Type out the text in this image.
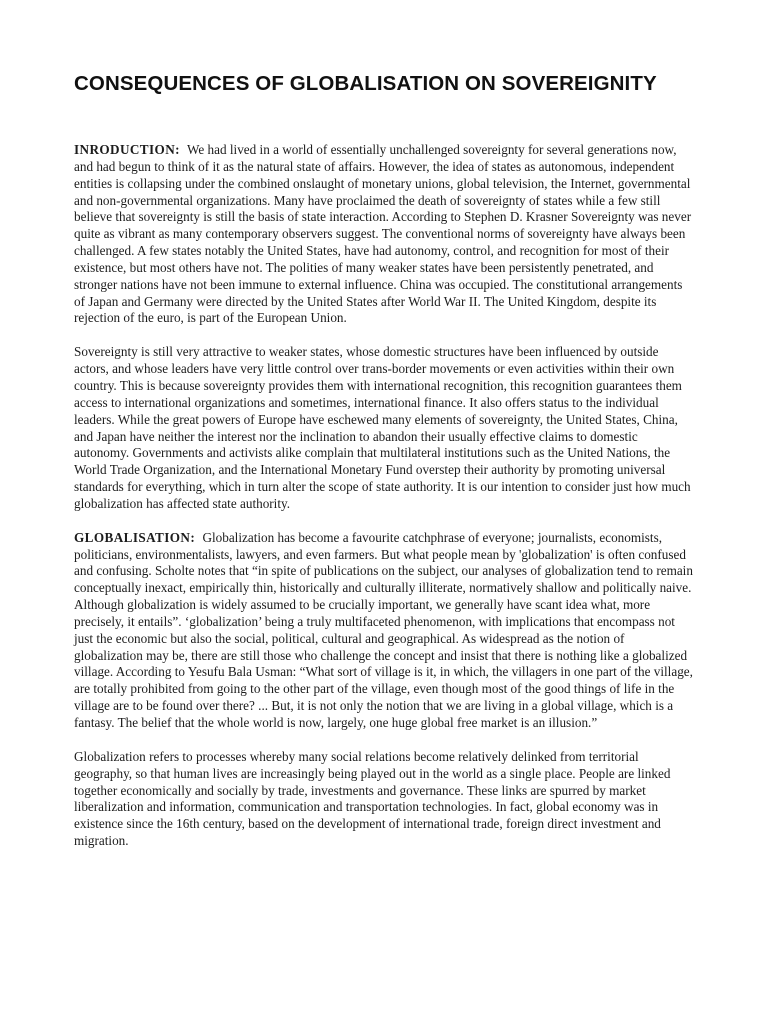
CONSEQUENCES OF GLOBALISATION ON SOVEREIGNITY

INRODUCTION: We had lived in a world of essentially unchallenged sovereignty for several generations now, and had begun to think of it as the natural state of affairs. However, the idea of states as autonomous, independent entities is collapsing under the combined onslaught of monetary unions, global television, the Internet, governmental and non-governmental organizations. Many have proclaimed the death of sovereignty of states while a few still believe that sovereignty is still the basis of state interaction. According to Stephen D. Krasner Sovereignty was never quite as vibrant as many contemporary observers suggest. The conventional norms of sovereignty have always been challenged. A few states notably the United States, have had autonomy, control, and recognition for most of their existence, but most others have not. The polities of many weaker states have been persistently penetrated, and stronger nations have not been immune to external influence. China was occupied. The constitutional arrangements of Japan and Germany were directed by the United States after World War II. The United Kingdom, despite its rejection of the euro, is part of the European Union.

Sovereignty is still very attractive to weaker states, whose domestic structures have been influenced by outside actors, and whose leaders have very little control over trans-border movements or even activities within their own country. This is because sovereignty provides them with international recognition, this recognition guarantees them access to international organizations and sometimes, international finance. It also offers status to the individual leaders. While the great powers of Europe have eschewed many elements of sovereignty, the United States, China, and Japan have neither the interest nor the inclination to abandon their usually effective claims to domestic autonomy. Governments and activists alike complain that multilateral institutions such as the United Nations, the World Trade Organization, and the International Monetary Fund overstep their authority by promoting universal standards for everything, which in turn alter the scope of state authority. It is our intention to consider just how much globalization has affected state authority.

GLOBALISATION: Globalization has become a favourite catchphrase of everyone; journalists, economists, politicians, environmentalists, lawyers, and even farmers. But what people mean by 'globalization' is often confused and confusing. Scholte notes that “in spite of publications on the subject, our analyses of globalization tend to remain conceptually inexact, empirically thin, historically and culturally illiterate, normatively shallow and politically naive. Although globalization is widely assumed to be crucially important, we generally have scant idea what, more precisely, it entails”. ‘globalization’ being a truly multifaceted phenomenon, with implications that encompass not just the economic but also the social, political, cultural and geographical. As widespread as the notion of globalization may be, there are still those who challenge the concept and insist that there is nothing like a globalized village. According to Yesufu Bala Usman: “What sort of village is it, in which, the villagers in one part of the village, are totally prohibited from going to the other part of the village, even though most of the good things of life in the village are to be found over there? ... But, it is not only the notion that we are living in a global village, which is a fantasy. The belief that the whole world is now, largely, one huge global free market is an illusion.”

Globalization refers to processes whereby many social relations become relatively delinked from territorial geography, so that human lives are increasingly being played out in the world as a single place. People are linked together economically and socially by trade, investments and governance. These links are spurred by market liberalization and information, communication and transportation technologies. In fact, global economy was in existence since the 16th century, based on the development of international trade, foreign direct investment and migration.
